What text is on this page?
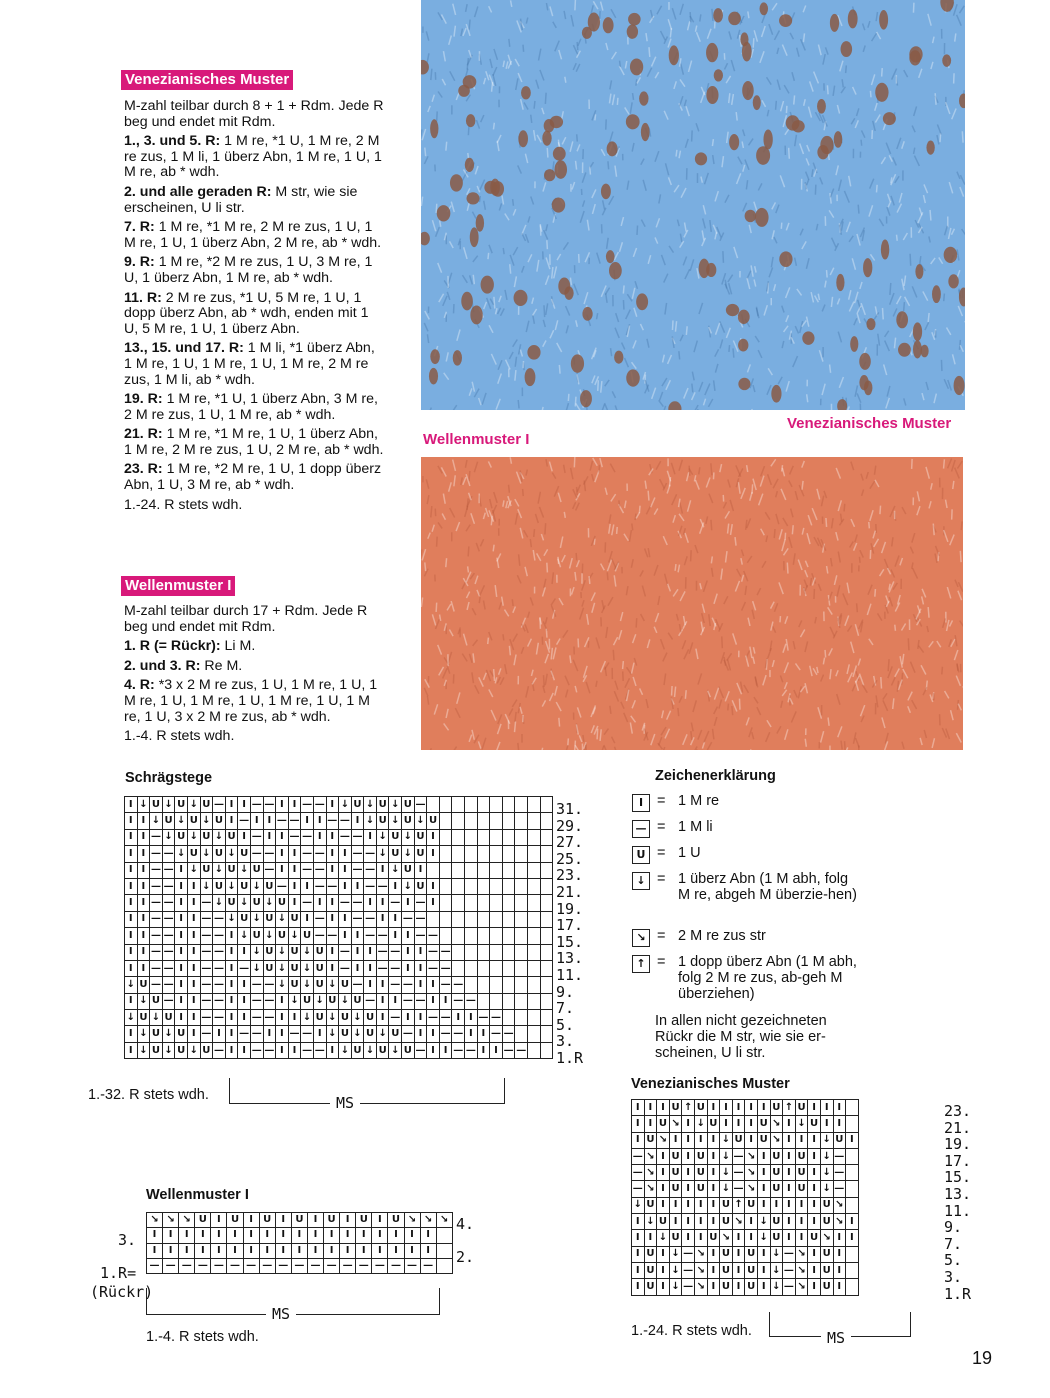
Venezianisches Muster

M-zahl teilbar durch 8 + 1 + Rdm. Jede R beg und endet mit Rdm.

1., 3. und 5. R: 1 M re, *1 U, 1 M re, 2 M re zus, 1 M li, 1 überz Abn, 1 M re, 1 U, 1 M re, ab * wdh.

2. und alle geraden R: M str, wie sie erscheinen, U li str.

7. R: 1 M re, *1 M re, 2 M re zus, 1 U, 1 M re, 1 U, 1 überz Abn, 2 M re, ab * wdh.

9. R: 1 M re, *2 M re zus, 1 U, 3 M re, 1 U, 1 überz Abn, 1 M re, ab * wdh.

11. R: 2 M re zus, *1 U, 5 M re, 1 U, 1 dopp überz Abn, ab * wdh, enden mit 1 U, 5 M re, 1 U, 1 überz Abn.

13., 15. und 17. R: 1 M li, *1 überz Abn, 1 M re, 1 U, 1 M re, 1 U, 1 M re, 2 M re zus, 1 M li, ab * wdh.

19. R: 1 M re, *1 U, 1 überz Abn, 3 M re, 2 M re zus, 1 U, 1 M re, ab * wdh.

21. R: 1 M re, *1 M re, 1 U, 1 überz Abn, 1 M re, 2 M re zus, 1 U, 2 M re, ab * wdh.

23. R: 1 M re, *2 M re, 1 U, 1 dopp überz Abn, 1 U, 3 M re, ab * wdh.

1.-24. R stets wdh.

Wellenmuster I

M-zahl teilbar durch 17 + Rdm. Jede R beg und endet mit Rdm.

1. R (= Rückr): Li M.

2. und 3. R: Re M.

4. R: *3 x 2 M re zus, 1 U, 1 M re, 1 U, 1 M re, 1 U, 1 M re, 1 U, 1 M re, 1 U, 1 M re, 1 U, 3 x 2 M re zus, ab * wdh.

1.-4. R stets wdh.

Venezianisches Muster
Wellenmuster I
Schrägstege
I	↓	U	↓	U	↓	U	—	I	I	—	—	I	I	—	—	I	↓	U	↓	U	↓	U	—										
I	I	↓	U	↓	U	↓	U	I	—	I	I	—	—	I	I	—	—	I	↓	U	↓	U	↓	U									
I	I	—	↓	U	↓	U	↓	U	I	—	I	I	—	—	I	I	—	—	I	↓	U	↓	U	I									
I	I	—	—	↓	U	↓	U	↓	U	—	—	I	I	—	—	I	I	—	—	↓	U	↓	U	I									
I	I	—	—	I	↓	U	↓	U	↓	U	—	I	I	—	—	I	I	—	—	I	↓	U	I										
I	I	—	—	I	I	↓	U	↓	U	↓	U	—	I	I	—	—	I	I	—	—	I	↓	U	I									
I	I	—	—	I	I	—	↓	U	↓	U	↓	U	I	—	I	I	—	—	I	I	—	I	—	I									
I	I	—	—	I	I	—	—	↓	U	↓	U	↓	U	I	—	I	I	—	—	I	I	—	—										
I	I	—	—	I	I	—	—	I	↓	U	↓	U	↓	U	—	—	I	I	—	—	I	I	—	—									
I	I	—	—	I	I	—	—	I	I	↓	U	↓	U	↓	U	I	—	I	I	—	—	I	I	—	—								
I	I	—	—	I	I	—	—	I	—	↓	U	↓	U	↓	U	I	—	I	I	—	—	I	I	—	—								
↓	U	—	—	I	I	—	—	I	I	—	—	↓	U	↓	U	↓	U	—	I	I	—	—	I	I	—	—							
I	↓	U	—	I	I	—	—	I	I	—	—	I	↓	U	↓	U	↓	U	—	I	I	—	—	I	I	—	—						
↓	U	↓	U	I	I	—	—	I	I	—	—	I	I	↓	U	↓	U	↓	U	I	—	I	I	—	—	I	I	—	—				
I	↓	U	↓	U	I	—	I	I	—	—	I	I	—	—	I	↓	U	↓	U	↓	U	—	I	I	—	—	I	I	—	—			
I	↓	U	↓	U	↓	U	—	I	I	—	—	I	I	—	—	I	↓	U	↓	U	↓	U	—	I	I	—	—	I	I	—	—		
31.
29.
27.
25.
23.
21.
19.
17.
15.
13.
11.
9.
7.
5.
3.
1.R
1.-32. R stets wdh.	MS
Zeichenerklärung
I = 1 M re
— = 1 M li
U = 1 U
↓ = 1 überz Abn (1 M abh, folg M re, abgeh M überzie-hen)
↘ = 2 M re zus str
↑ = 1 dopp überz Abn (1 M abh, folg 2 M re zus, ab-geh M überziehen)
In allen nicht gezeichneten Rückr die M str, wie sie er-scheinen, U li str.
Venezianisches Muster
I	I	I	U	↑	U	I	I	I	I	I	U	↑	U	I	I	I	
I	I	U	↘	I	↓	U	I	I	I	U	↘	I	↓	U	I	I	
I	U	↘	I	I	I	I	↓	U	I	U	↘	I	I	I	↓	U	I
—	↘	I	U	I	U	I	↓	—	↘	I	U	I	U	I	↓	—	
—	↘	I	U	I	U	I	↓	—	↘	I	U	I	U	I	↓	—	
—	↘	I	U	I	U	I	↓	—	↘	I	U	I	U	I	↓	—	
↓	U	I	I	I	I	I	U	↑	U	I	I	I	I	I	U	↘	
I	↓	U	I	I	I	I	U	↘	I	↓	U	I	I	I	U	↘	I
I	I	↓	U	I	I	U	↘	I	I	↓	U	I	I	U	↘	I	I
I	U	I	↓	—	↘	I	U	I	U	I	↓	—	↘	I	U	I	
I	U	I	↓	—	↘	I	U	I	U	I	↓	—	↘	I	U	I	
I	U	I	↓	—	↘	I	U	I	U	I	↓	—	↘	I	U	I	
23.
21.
19.
17.
15.
13.
11.
9.
7.
5.
3.
1.R
1.-24. R stets wdh.	MS
Wellenmuster I
↘	↘	↘	U	I	U	I	U	I	U	I	U	I	U	I	U	↘	↘	↘
I	I	I	I	I	I	I	I	I	I	I	I	I	I	I	I	I	I	
I	I	I	I	I	I	I	I	I	I	I	I	I	I	I	I	I	I	
—	—	—	—	—	—	—	—	—	—	—	—	—	—	—	—	—	—	
4.
2.
3.
1.R=
(Rückr)
MS
1.-4. R stets wdh.
19
